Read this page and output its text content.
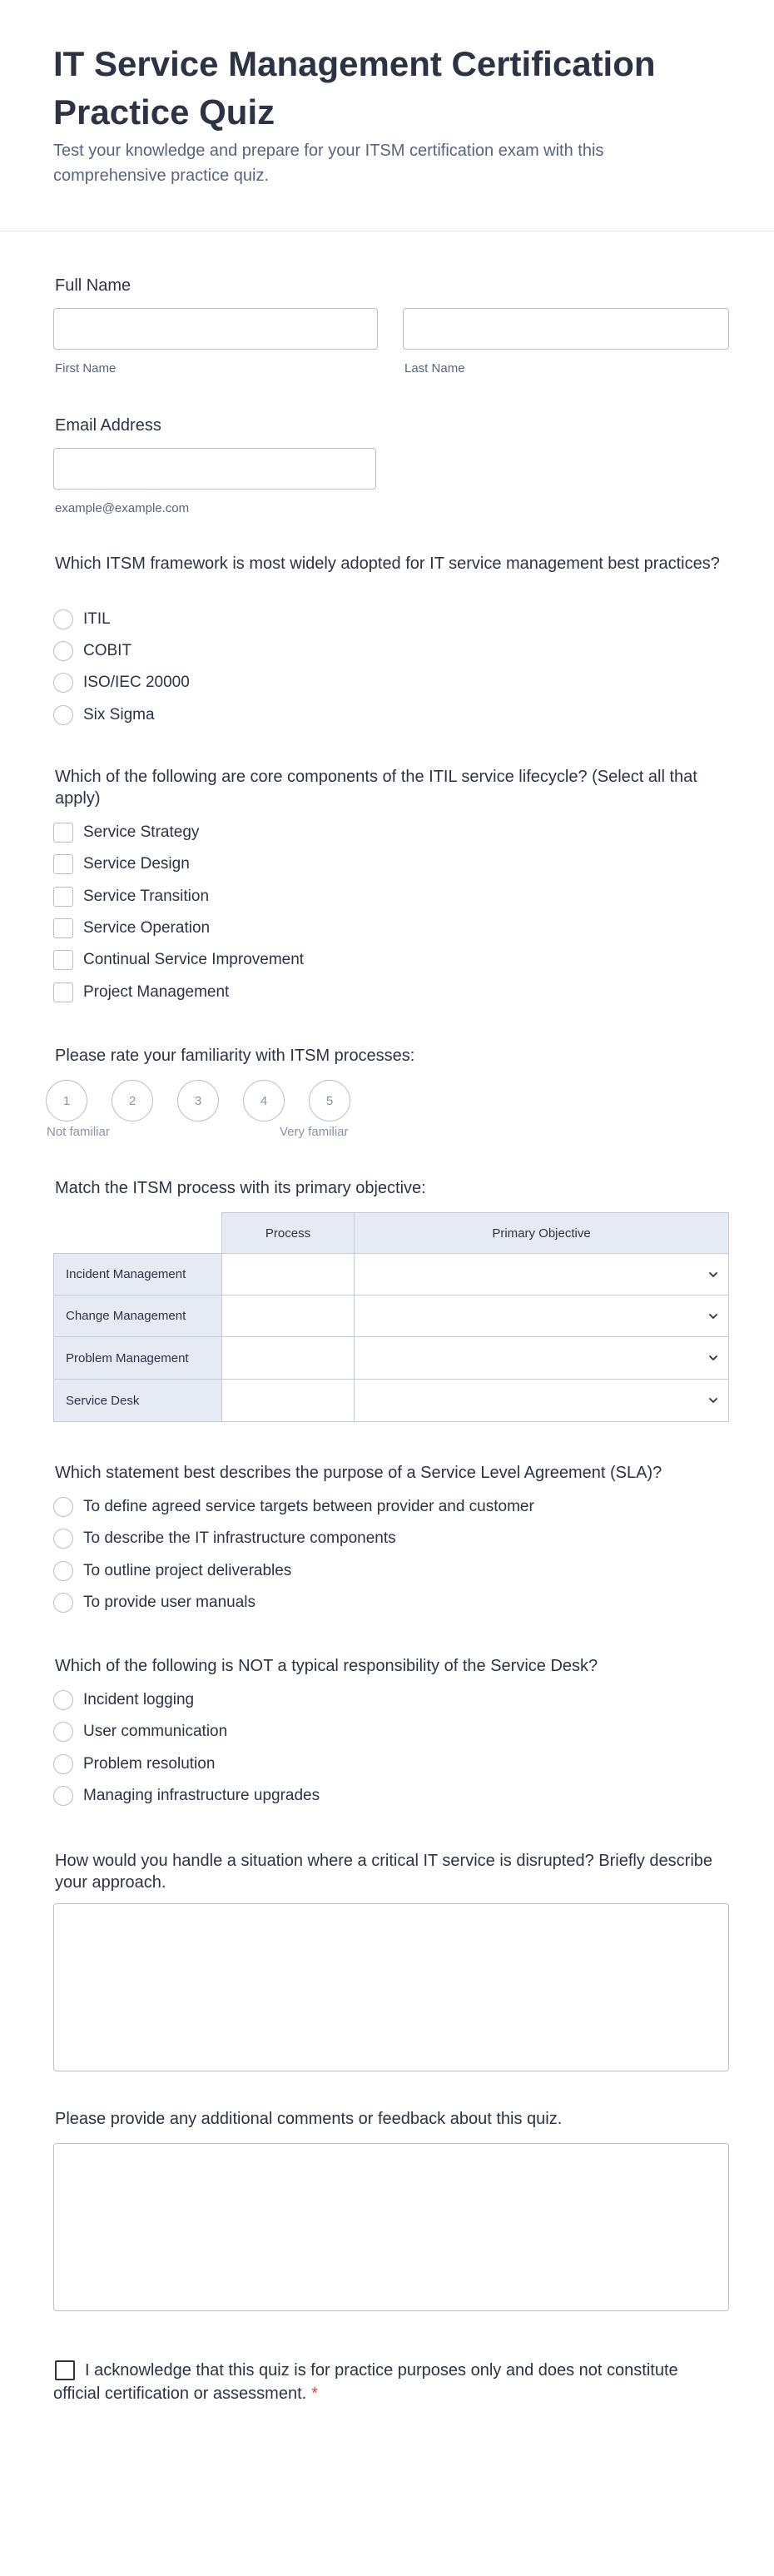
IT Service Management Certification Practice Quiz
Test your knowledge and prepare for your ITSM certification exam with this comprehensive practice quiz.
Full Name
First Name	Last Name
Email Address
example@example.com
Which ITSM framework is most widely adopted for IT service management best practices?
ITIL
COBIT
ISO/IEC 20000
Six Sigma
Which of the following are core components of the ITIL service lifecycle? (Select all that apply)
Service Strategy
Service Design
Service Transition
Service Operation
Continual Service Improvement
Project Management
Please rate your familiarity with ITSM processes:
1	2	3	4	5
Not familiar	Very familiar
Match the ITSM process with its primary objective:
Process	Primary Objective
Incident Management
Change Management
Problem Management
Service Desk
Which statement best describes the purpose of a Service Level Agreement (SLA)?
To define agreed service targets between provider and customer
To describe the IT infrastructure components
To outline project deliverables
To provide user manuals
Which of the following is NOT a typical responsibility of the Service Desk?
Incident logging
User communication
Problem resolution
Managing infrastructure upgrades
How would you handle a situation where a critical IT service is disrupted? Briefly describe your approach.
Please provide any additional comments or feedback about this quiz.
I acknowledge that this quiz is for practice purposes only and does not constitute official certification or assessment. *
